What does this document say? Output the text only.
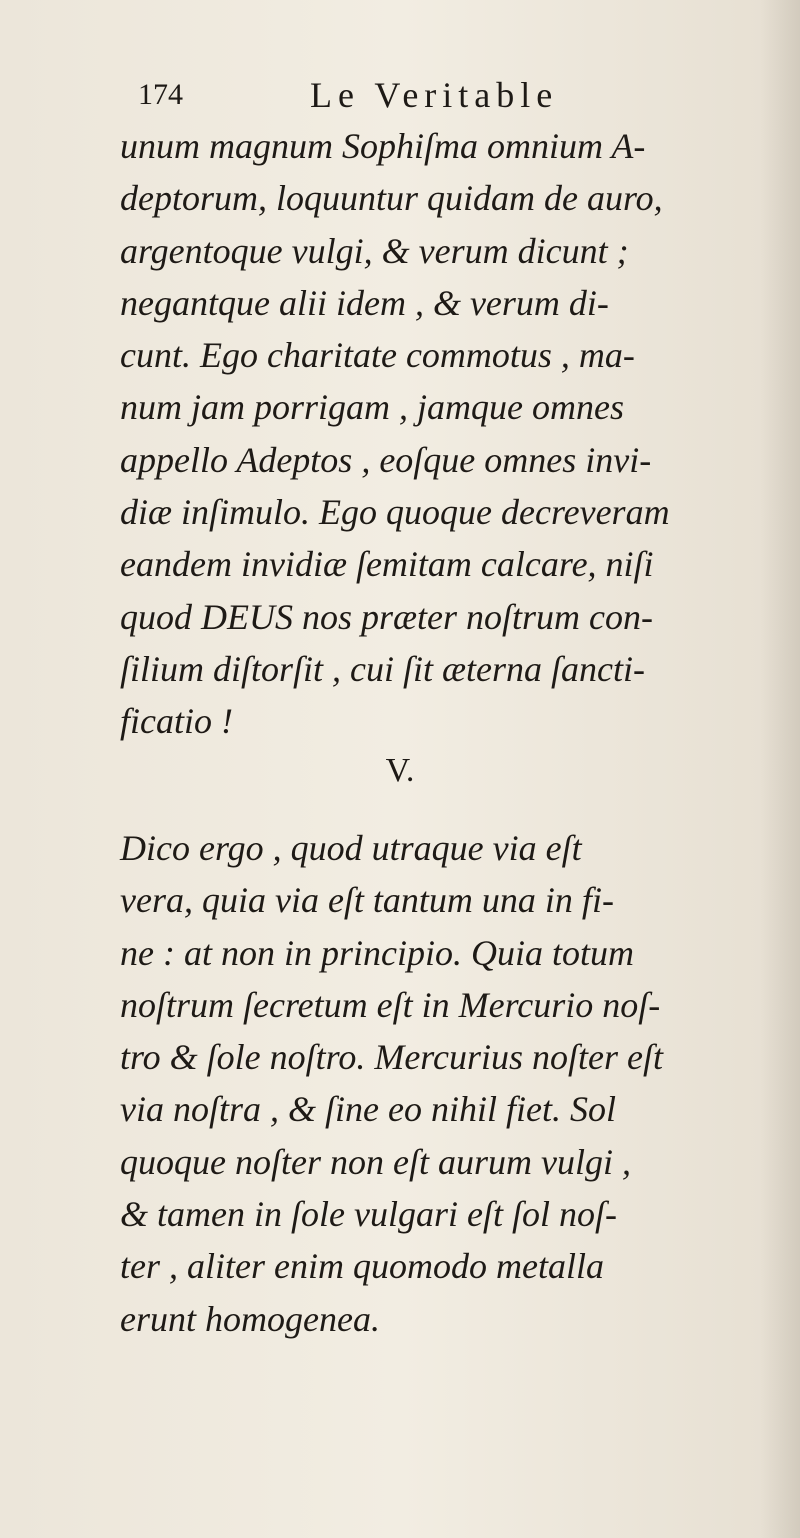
174	Le Veritable

unum magnum Sophiſma omnium A-
deptorum, loquuntur quidam de auro,
argentoque vulgi, & verum dicunt ;
negantque alii idem , & verum di-
cunt. Ego charitate commotus , ma-
num jam porrigam , jamque omnes
appello Adeptos , eoſque omnes invi-
diæ inſimulo. Ego quoque decreveram
eandem invidiæ ſemitam calcare, niſi
quod DEUS nos præter noſtrum con-
ſilium diſtorſit , cui ſit æterna ſancti-
ficatio !

V.

Dico ergo , quod utraque via eſt
vera, quia via eſt tantum una in fi-
ne : at non in principio. Quia totum
noſtrum ſecretum eſt in Mercurio noſ-
tro & ſole noſtro. Mercurius noſter eſt
via noſtra , & ſine eo nihil fiet. Sol
quoque noſter non eſt aurum vulgi ,
& tamen in ſole vulgari eſt ſol noſ-
ter , aliter enim quomodo metalla
erunt homogenea.
